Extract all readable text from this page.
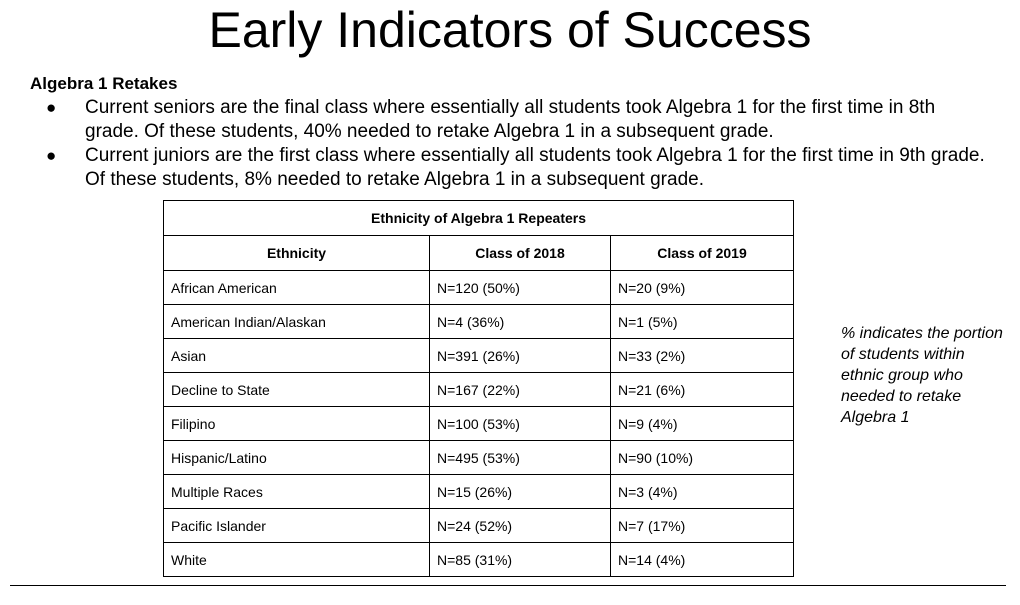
Early Indicators of Success
Algebra 1 Retakes
● Current seniors are the final class where essentially all students took Algebra 1 for the first time in 8th grade. Of these students, 40% needed to retake Algebra 1 in a subsequent grade.
● Current juniors are the first class where essentially all students took Algebra 1 for the first time in 9th grade. Of these students, 8% needed to retake Algebra 1 in a subsequent grade.
Ethnicity of Algebra 1 Repeaters		
Ethnicity	Class of 2018	Class of 2019
African American	N=120 (50%)	N=20 (9%)
American Indian/Alaskan	N=4 (36%)	N=1 (5%)
Asian	N=391 (26%)	N=33 (2%)
Decline to State	N=167 (22%)	N=21 (6%)
Filipino	N=100 (53%)	N=9 (4%)
Hispanic/Latino	N=495 (53%)	N=90 (10%)
Multiple Races	N=15 (26%)	N=3 (4%)
Pacific Islander	N=24 (52%)	N=7 (17%)
White	N=85 (31%)	N=14 (4%)

% indicates the portion of students within ethnic group who needed to retake Algebra 1
